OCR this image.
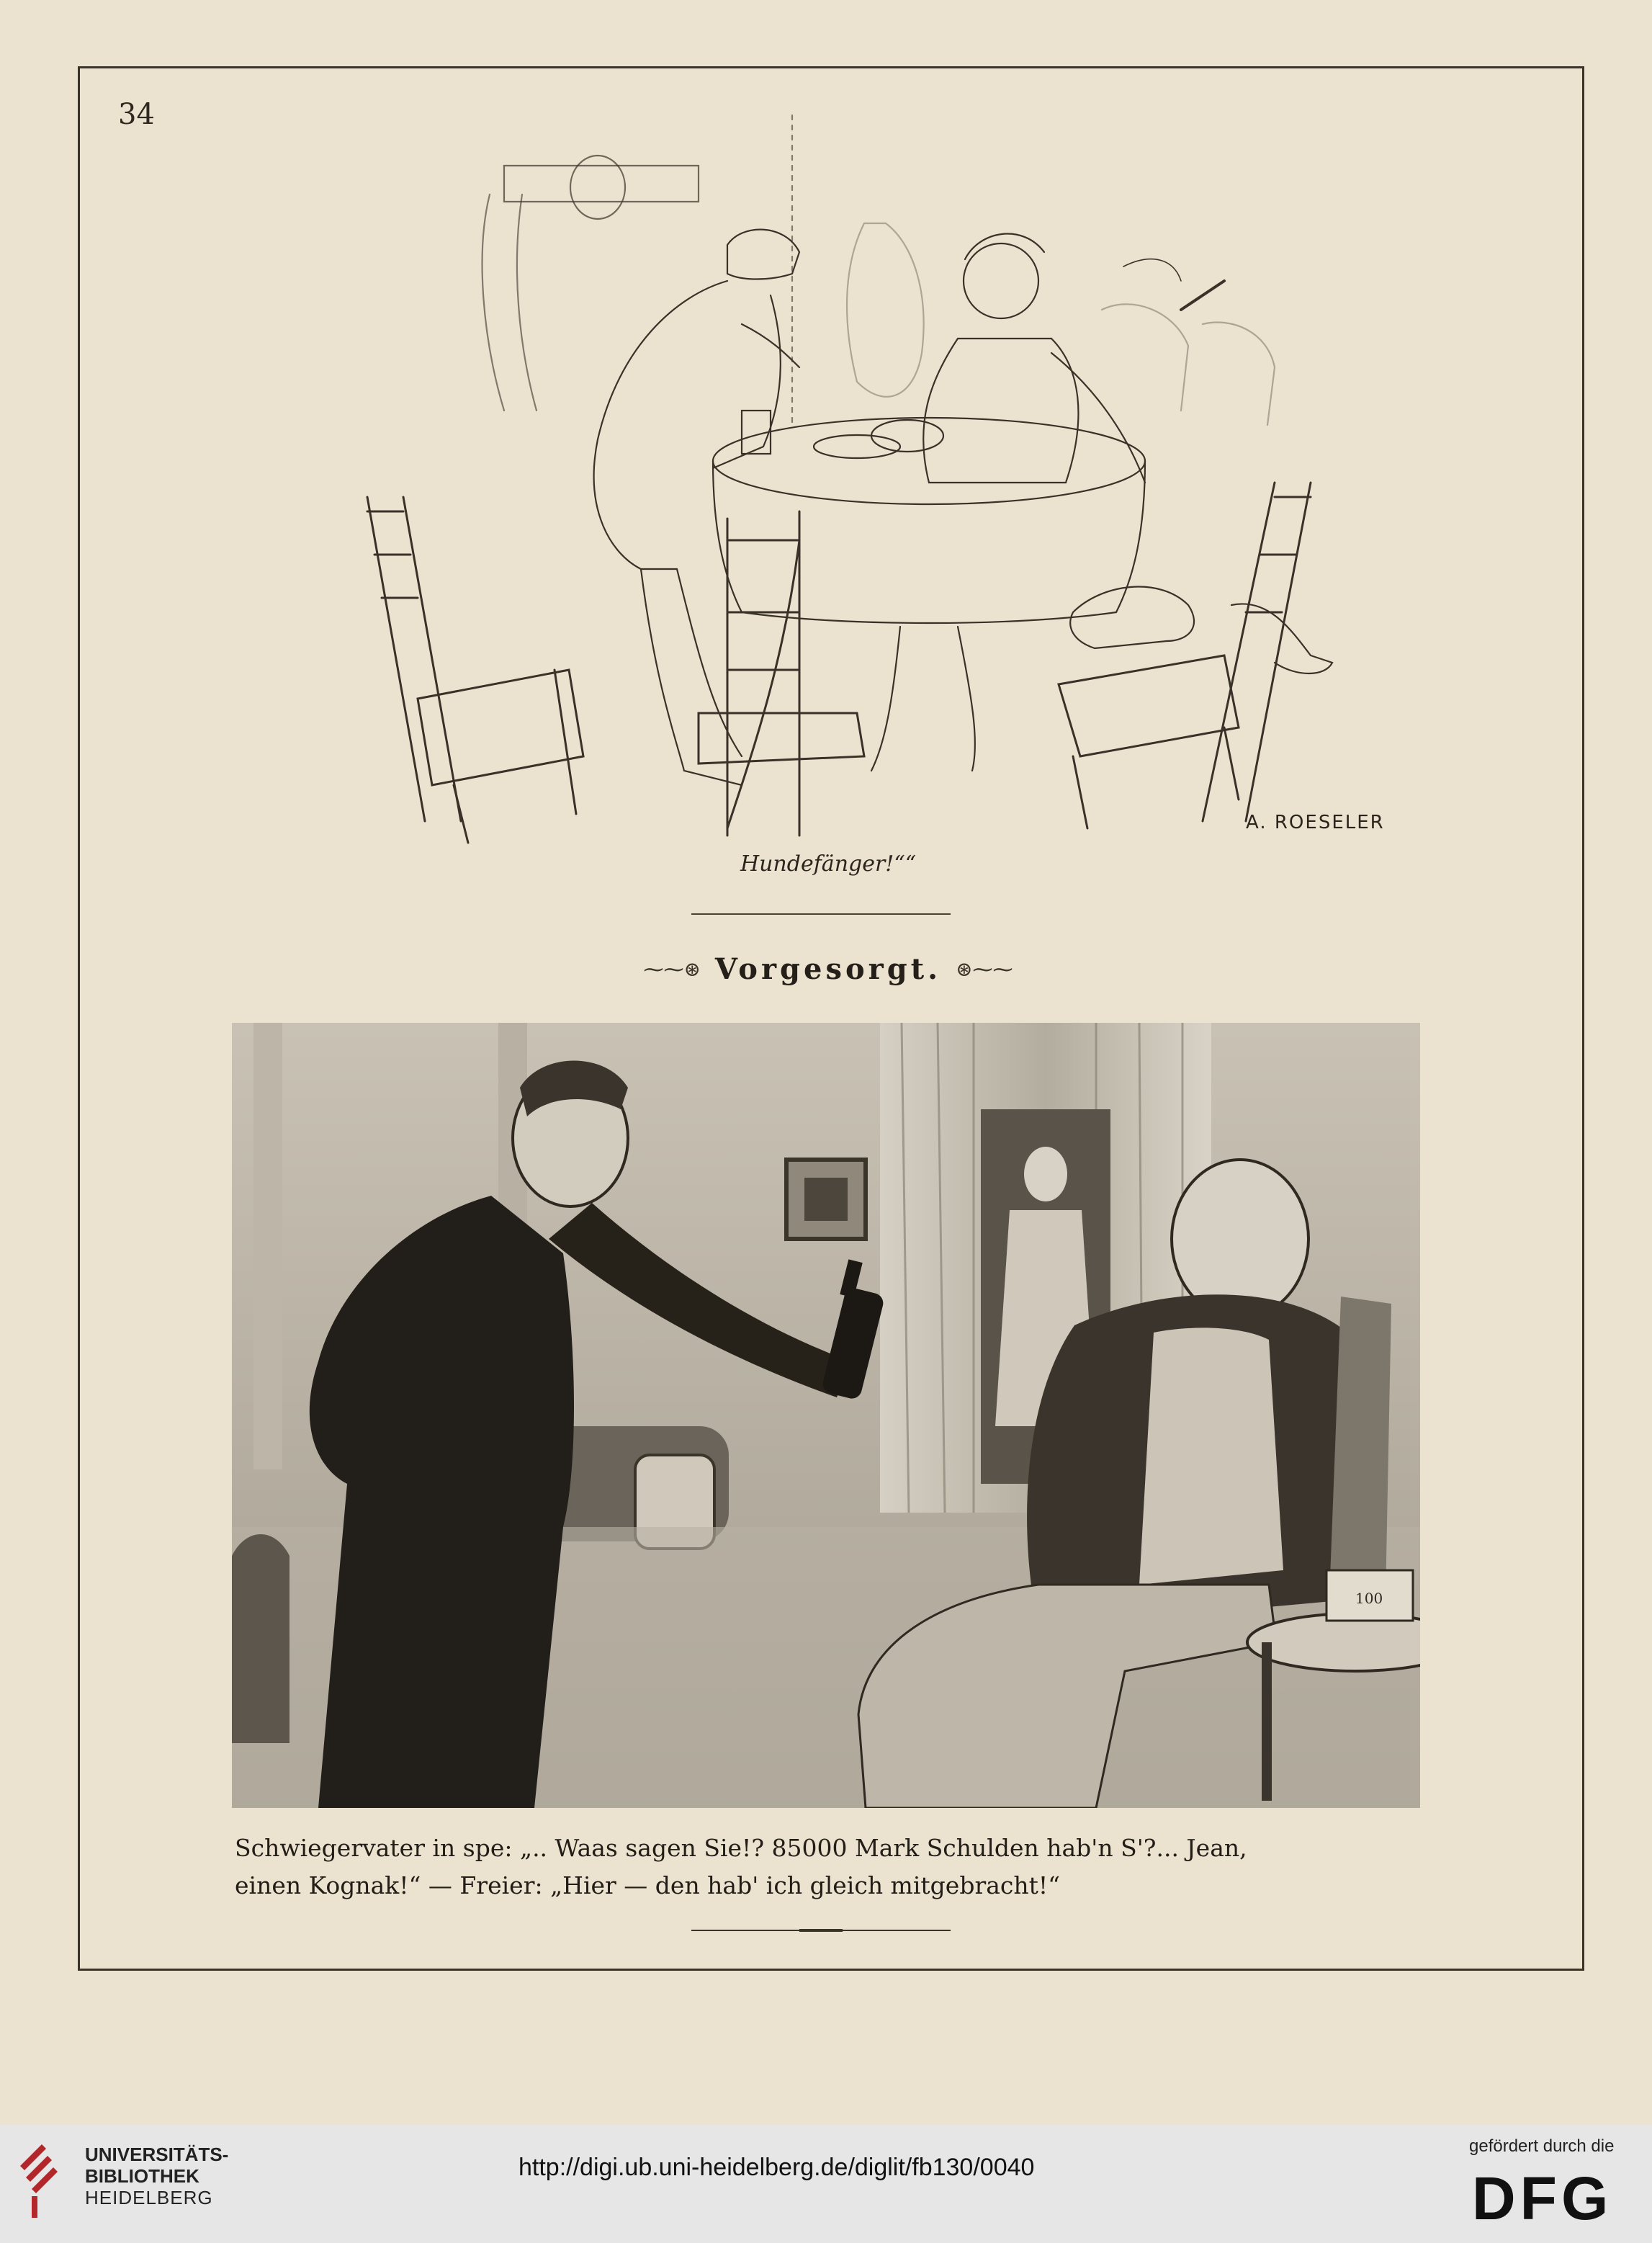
34
A. ROESELER
Hundefänger!““
⁓⁓⊛ Vorgesorgt. ⊛⁓⁓
100
Schwiegervater in spe: „.. Waas sagen Sie!? 85000 Mark Schulden hab'n S'?... Jean,
einen Kognak!“ — Freier: „Hier — den hab' ich gleich mitgebracht!“
UNIVERSITÄTS-
BIBLIOTHEK
HEIDELBERG
http://digi.ub.uni-heidelberg.de/diglit/fb130/0040
gefördert durch die
DFG
